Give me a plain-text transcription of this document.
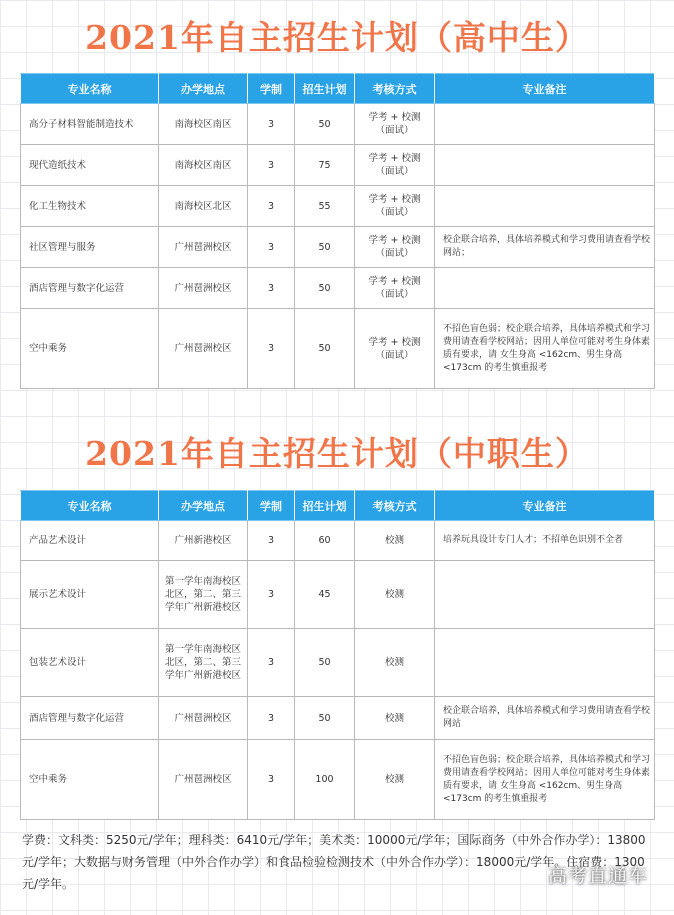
2021年自主招生计划（高中生）
专业名称	办学地点	学制	招生计划	考核方式	专业备注
高分子材料智能制造技术	南海校区南区	3	50	学考 + 校测
（面试）	
现代造纸技术	南海校区南区	3	75	学考 + 校测
（面试）	
化工生物技术	南海校区北区	3	55	学考 + 校测
（面试）	
社区管理与服务	广州琶洲校区	3	50	学考 + 校测
（面试）	校企联合培养，具体培养模式和学习费用请查看学校网站；
酒店管理与数字化运营	广州琶洲校区	3	50	学考 + 校测
（面试）	
空中乘务	广州琶洲校区	3	50	学考 + 校测
（面试）	不招色盲色弱；校企联合培养，具体培养模式和学习费用请查看学校网站；因用人单位可能对考生身体素质有要求，请 女生身高 <162cm、男生身高 <173cm 的考生慎重报考
2021年自主招生计划（中职生）
专业名称	办学地点	学制	招生计划	考核方式	专业备注
产品艺术设计	广州新港校区	3	60	校测	培养玩具设计专门人才；不招单色识别不全者
展示艺术设计	第一学年南海校区北区，第二、第三学年广州新港校区	3	45	校测	
包装艺术设计	第一学年南海校区北区，第二、第三学年广州新港校区	3	50	校测	
酒店管理与数字化运营	广州琶洲校区	3	50	校测	校企联合培养，具体培养模式和学习费用请查看学校网站
空中乘务	广州琶洲校区	3	100	校测	不招色盲色弱；校企联合培养，具体培养模式和学习费用请查看学校网站；因用人单位可能对考生身体素质有要求，请 女生身高 <162cm、男生身高 <173cm 的考生慎重报考
学费：文科类：5250元/学年；理科类：6410元/学年；美术类：10000元/学年；国际商务（中外合作办学）：13800元/学年；大数据与财务管理（中外合作办学）和食品检验检测技术（中外合作办学）：18000元/学年。住宿费：1300元/学年。	高考直通车
